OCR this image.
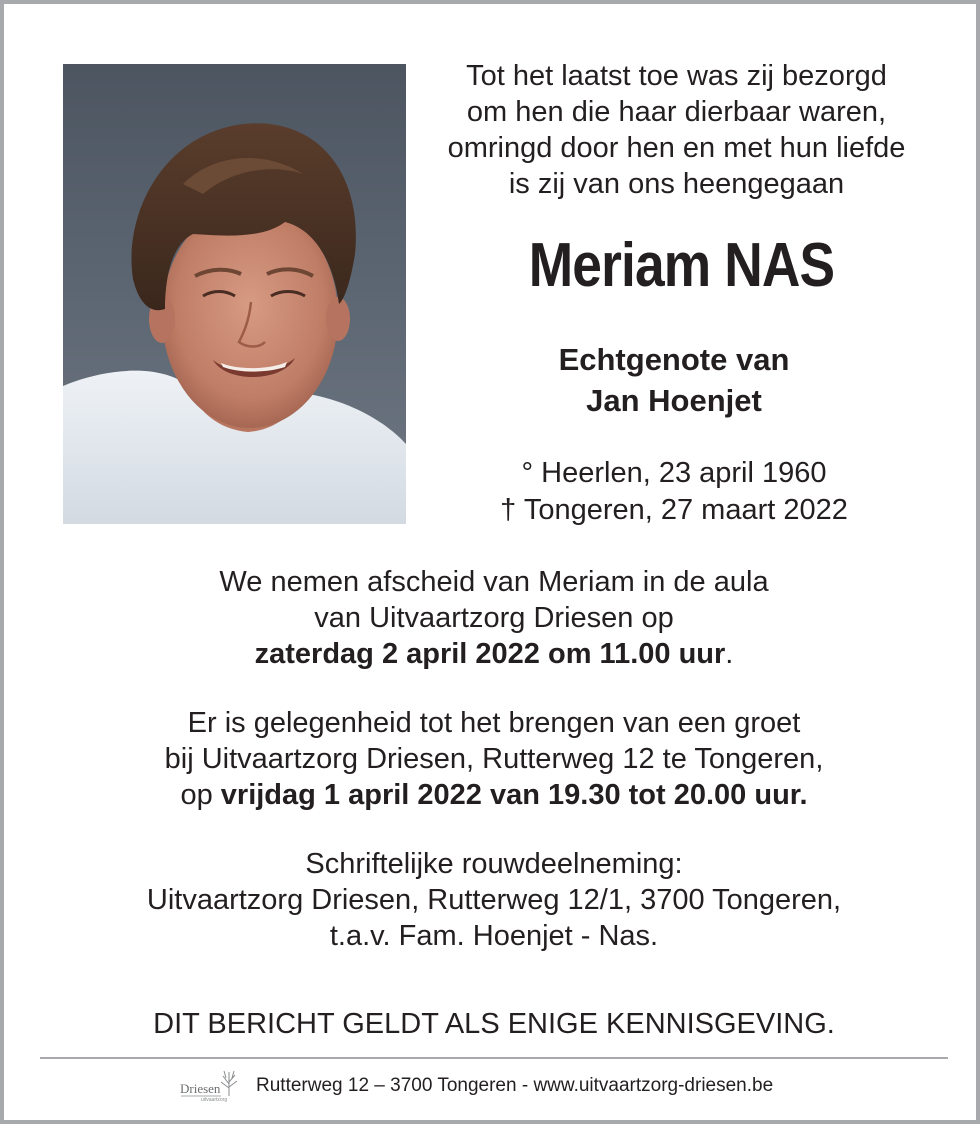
Tot het laatst toe was zij bezorgd
om hen die haar dierbaar waren,
omringd door hen en met hun liefde
is zij van ons heengegaan
Meriam NAS
Echtgenote van
Jan Hoenjet
° Heerlen, 23 april 1960
† Tongeren, 27 maart 2022
We nemen afscheid van Meriam in de aula
van Uitvaartzorg Driesen op
zaterdag 2 april 2022 om 11.00 uur.
Er is gelegenheid tot het brengen van een groet
bij Uitvaartzorg Driesen, Rutterweg 12 te Tongeren,
op vrijdag 1 april 2022 van 19.30 tot 20.00 uur.
Schriftelijke rouwdeelneming:
Uitvaartzorg Driesen, Rutterweg 12/1, 3700 Tongeren,
t.a.v. Fam. Hoenjet - Nas.
DIT BERICHT GELDT ALS ENIGE KENNISGEVING.
Driesen
uitvaartzorg
Rutterweg 12 – 3700 Tongeren - www.uitvaartzorg-driesen.be
